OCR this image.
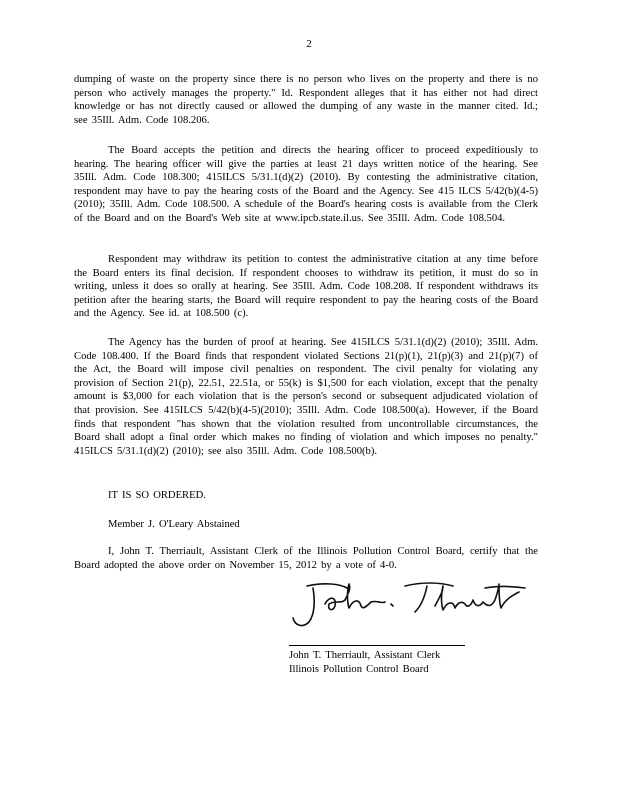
2

dumping of waste on the property since there is no person who lives on the property and there is no person who actively manages the property." Id. Respondent alleges that it has either not had direct knowledge or has not directly caused or allowed the dumping of any waste in the manner cited. Id.; see 35Ill. Adm. Code 108.206.

The Board accepts the petition and directs the hearing officer to proceed expeditiously to hearing. The hearing officer will give the parties at least 21 days written notice of the hearing. See 35Ill. Adm. Code 108.300; 415ILCS 5/31.1(d)(2) (2010). By contesting the administrative citation, respondent may have to pay the hearing costs of the Board and the Agency. See 415 ILCS 5/42(b)(4-5)(2010); 35Ill. Adm. Code 108.500. A schedule of the Board's hearing costs is available from the Clerk of the Board and on the Board's Web site at www.ipcb.state.il.us. See 35Ill. Adm. Code 108.504.

Respondent may withdraw its petition to contest the administrative citation at any time before the Board enters its final decision. If respondent chooses to withdraw its petition, it must do so in writing, unless it does so orally at hearing. See 35Ill. Adm. Code 108.208. If respondent withdraws its petition after the hearing starts, the Board will require respondent to pay the hearing costs of the Board and the Agency. See id. at 108.500 (c).

The Agency has the burden of proof at hearing. See 415ILCS 5/31.1(d)(2) (2010); 35Ill. Adm. Code 108.400. If the Board finds that respondent violated Sections 21(p)(1), 21(p)(3) and 21(p)(7) of the Act, the Board will impose civil penalties on respondent. The civil penalty for violating any provision of Section 21(p), 22.51, 22.51a, or 55(k) is $1,500 for each violation, except that the penalty amount is $3,000 for each violation that is the person's second or subsequent adjudicated violation of that provision. See 415ILCS 5/42(b)(4-5)(2010); 35Ill. Adm. Code 108.500(a). However, if the Board finds that respondent "has shown that the violation resulted from uncontrollable circumstances, the Board shall adopt a final order which makes no finding of violation and which imposes no penalty." 415ILCS 5/31.1(d)(2) (2010); see also 35Ill. Adm. Code 108.500(b).

IT IS SO ORDERED.
Member J. O'Leary Abstained

I, John T. Therriault, Assistant Clerk of the Illinois Pollution Control Board, certify that the Board adopted the above order on November 15, 2012 by a vote of 4-0.

John T. Therriault, Assistant Clerk
Illinois Pollution Control Board
